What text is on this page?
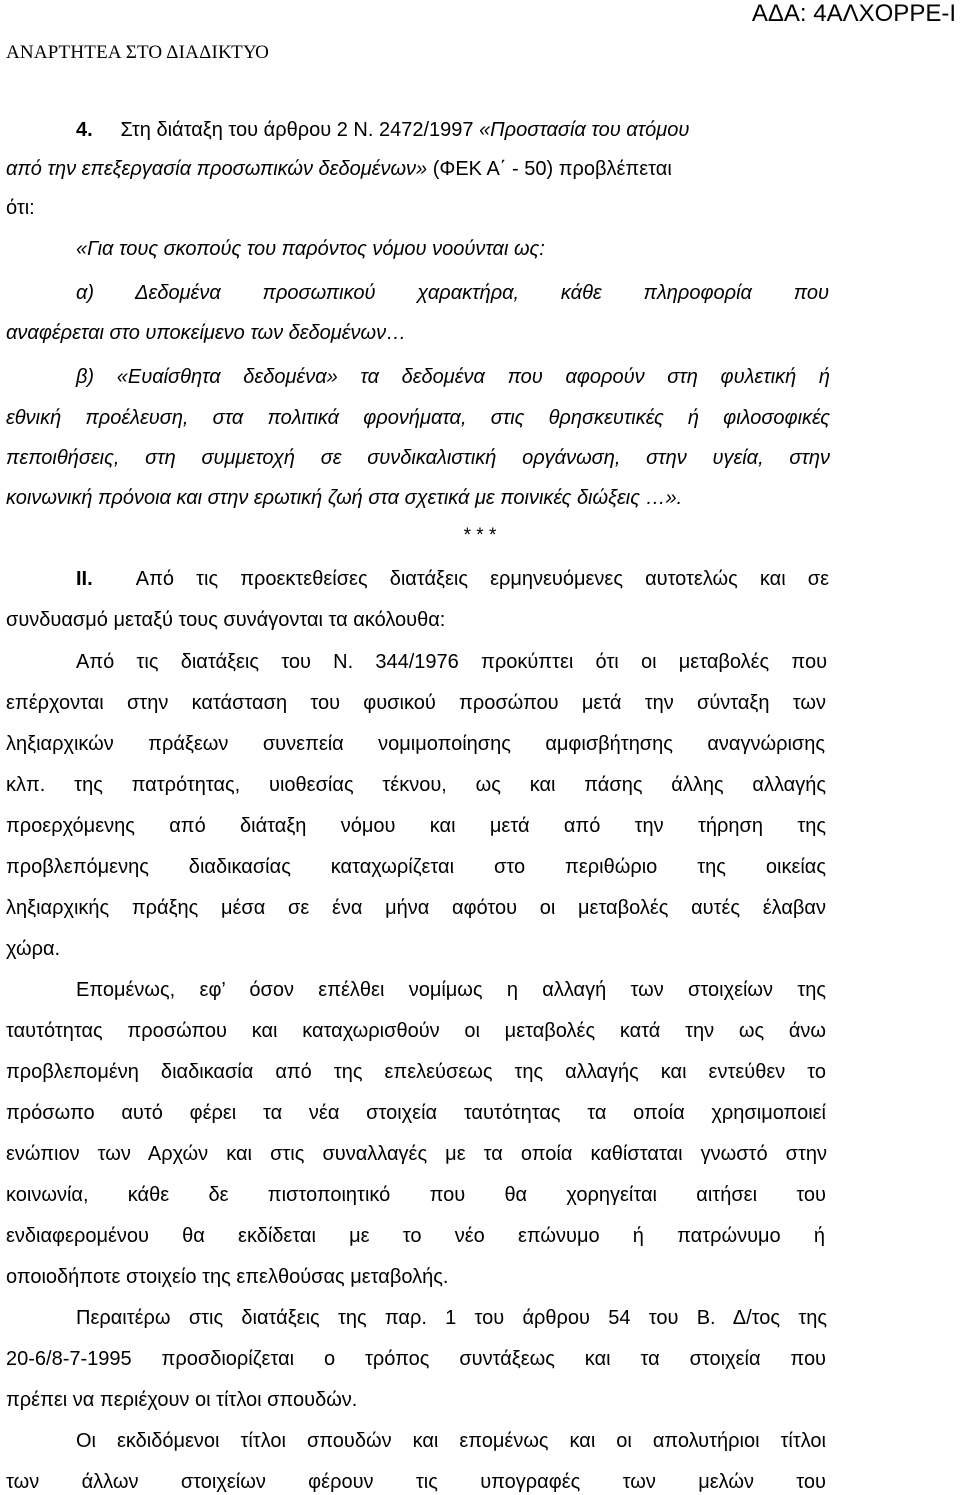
ΑΝΑΡΤΗΤΕΑ ΣΤΟ ΔΙΑΔΙΚΤΥΟ
ΑΔΑ: 4ΑΛΧΟΡΡΕ-Ι
4. Στη διάταξη του άρθρου 2 Ν. 2472/1997 «Προστασία του ατόμου
από την επεξεργασία προσωπικών δεδομένων» (ΦΕΚ Α΄ - 50) προβλέπεται
ότι:
«Για τους σκοπούς του παρόντος νόμου νοούνται ως:
α) Δεδομένα προσωπικού χαρακτήρα, κάθε πληροφορία που
αναφέρεται στο υποκείμενο των δεδομένων…
β) «Ευαίσθητα δεδομένα» τα δεδομένα που αφορούν στη φυλετική ή
εθνική προέλευση, στα πολιτικά φρονήματα, στις θρησκευτικές ή φιλοσοφικές
πεποιθήσεις, στη συμμετοχή σε συνδικαλιστική οργάνωση, στην υγεία, στην
κοινωνική πρόνοια και στην ερωτική ζωή στα σχετικά με ποινικές διώξεις …».
* * *
ΙΙ. Από τις προεκτεθείσες διατάξεις ερμηνευόμενες αυτοτελώς και σε
συνδυασμό μεταξύ τους συνάγονται τα ακόλουθα:
Από τις διατάξεις του Ν. 344/1976 προκύπτει ότι οι μεταβολές που
επέρχονται στην κατάσταση του φυσικού προσώπου μετά την σύνταξη των
ληξιαρχικών πράξεων συνεπεία νομιμοποίησης αμφισβήτησης αναγνώρισης
κλπ. της πατρότητας, υιοθεσίας τέκνου, ως και πάσης άλλης αλλαγής
προερχόμενης από διάταξη νόμου και μετά από την τήρηση της
προβλεπόμενης διαδικασίας καταχωρίζεται στο περιθώριο της οικείας
ληξιαρχικής πράξης μέσα σε ένα μήνα αφότου οι μεταβολές αυτές έλαβαν
χώρα.
Επομένως, εφ’ όσον επέλθει νομίμως η αλλαγή των στοιχείων της
ταυτότητας προσώπου και καταχωρισθούν οι μεταβολές κατά την ως άνω
προβλεπομένη διαδικασία από της επελεύσεως της αλλαγής και εντεύθεν το
πρόσωπο αυτό φέρει τα νέα στοιχεία ταυτότητας τα οποία χρησιμοποιεί
ενώπιον των Αρχών και στις συναλλαγές με τα οποία καθίσταται γνωστό στην
κοινωνία, κάθε δε πιστοποιητικό που θα χορηγείται αιτήσει του
ενδιαφερομένου θα εκδίδεται με το νέο επώνυμο ή πατρώνυμο ή
οποιοδήποτε στοιχείο της επελθούσας μεταβολής.
Περαιτέρω στις διατάξεις της παρ. 1 του άρθρου 54 του Β. Δ/τος της
20-6/8-7-1995 προσδιορίζεται ο τρόπος συντάξεως και τα στοιχεία που
πρέπει να περιέχουν οι τίτλοι σπουδών.
Οι εκδιδόμενοι τίτλοι σπουδών και επομένως και οι απολυτήριοι τίτλοι
των άλλων στοιχείων φέρουν τις υπογραφές των μελών του
